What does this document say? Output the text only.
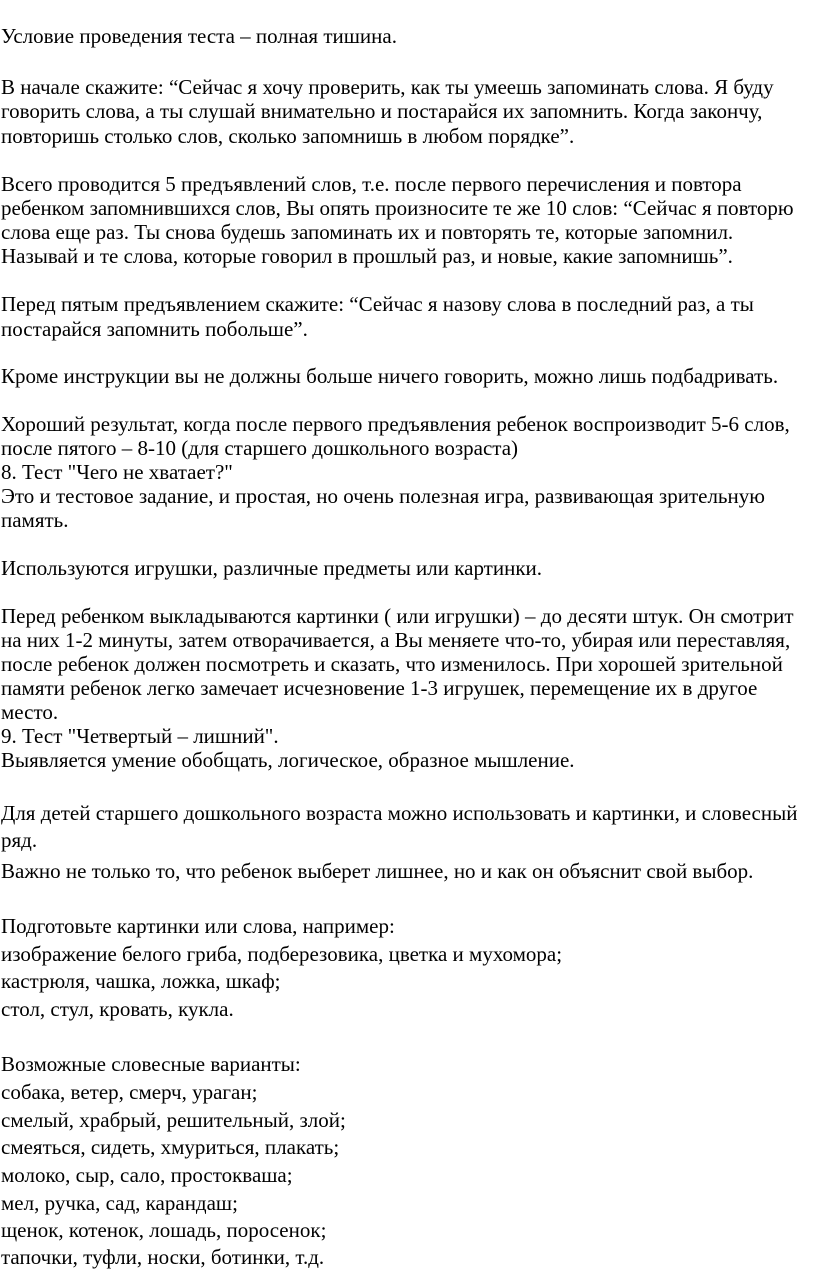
Условие проведения теста – полная тишина.

В начале скажите: “Сейчас я хочу проверить, как ты умеешь запоминать слова. Я буду

говорить слова, а ты слушай внимательно и постарайся их запомнить. Когда закончу,

повторишь столько слов, сколько запомнишь в любом порядке”.

Всего проводится 5 предъявлений слов, т.е. после первого перечисления и повтора

ребенком запомнившихся слов, Вы опять произносите те же 10 слов: “Сейчас я повторю

слова еще раз. Ты снова будешь запоминать их и повторять те, которые запомнил.

Называй и те слова, которые говорил в прошлый раз, и новые, какие запомнишь”.

Перед пятым предъявлением скажите: “Сейчас я назову слова в последний раз, а ты

постарайся запомнить побольше”.

Кроме инструкции вы не должны больше ничего говорить, можно лишь подбадривать.

Хороший результат, когда после первого предъявления ребенок воспроизводит 5-6 слов,

после пятого – 8-10 (для старшего дошкольного возраста)

8. Тест "Чего не хватает?"

Это и тестовое задание, и простая, но очень полезная игра, развивающая зрительную

память.

Используются игрушки, различные предметы или картинки.

Перед ребенком выкладываются картинки ( или игрушки) – до десяти штук. Он смотрит

на них 1-2 минуты, затем отворачивается, а Вы меняете что-то, убирая или переставляя,

после ребенок должен посмотреть и сказать, что изменилось. При хорошей зрительной

памяти ребенок легко замечает исчезновение 1-3 игрушек, перемещение их в другое

место.

9. Тест "Четвертый – лишний".

Выявляется умение обобщать, логическое, образное мышление.

Для детей старшего дошкольного возраста можно использовать и картинки, и словесный

ряд.

Важно не только то, что ребенок выберет лишнее, но и как он объяснит свой выбор.

Подготовьте картинки или слова, например:

изображение белого гриба, подберезовика, цветка и мухомора;

кастрюля, чашка, ложка, шкаф;

стол, стул, кровать, кукла.

Возможные словесные варианты:

собака, ветер, смерч, ураган;

смелый, храбрый, решительный, злой;

смеяться, сидеть, хмуриться, плакать;

молоко, сыр, сало, простокваша;

мел, ручка, сад, карандаш;

щенок, котенок, лошадь, поросенок;

тапочки, туфли, носки, ботинки, т.д.
